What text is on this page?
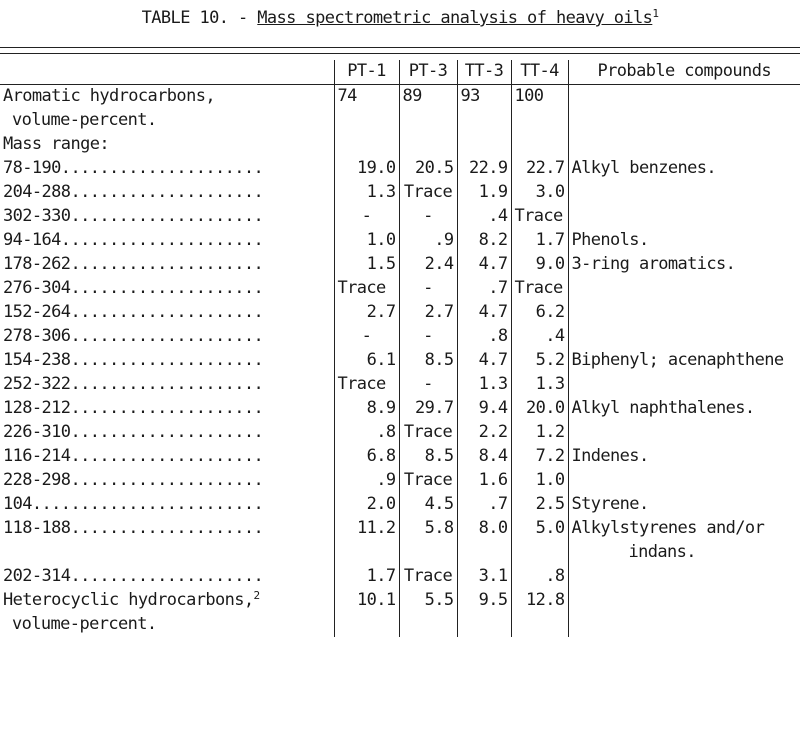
TABLE 10. - Mass spectrometric analysis of heavy oils$^1$
	PT-1	PT-3	TT-3	TT-4	Probable compounds
Aromatic hydrocarbons,	74	89	93	100	
volume-percent.					
Mass range:					
78-190.....................	19.0	20.5	22.9	22.7	Alkyl benzenes.
204-288....................	1.3	Trace	1.9	3.0	
302-330....................	-	-	.4	Trace	
94-164.....................	1.0	.9	8.2	1.7	Phenols.
178-262....................	1.5	2.4	4.7	9.0	3-ring aromatics.
276-304....................	Trace	-	.7	Trace	
152-264....................	2.7	2.7	4.7	6.2	
278-306....................	-	-	.8	.4	
154-238....................	6.1	8.5	4.7	5.2	Biphenyl; acenaphthene
252-322....................	Trace	-	1.3	1.3	
128-212....................	8.9	29.7	9.4	20.0	Alkyl naphthalenes.
226-310....................	.8	Trace	2.2	1.2	
116-214....................	6.8	8.5	8.4	7.2	Indenes.
228-298....................	.9	Trace	1.6	1.0	
104........................	2.0	4.5	.7	2.5	Styrene.
118-188....................	11.2	5.8	8.0	5.0	Alkylstyrenes and/or
					indans.
202-314....................	1.7	Trace	3.1	.8	
Heterocyclic hydrocarbons,$^2$	10.1	5.5	9.5	12.8	
volume-percent.					
